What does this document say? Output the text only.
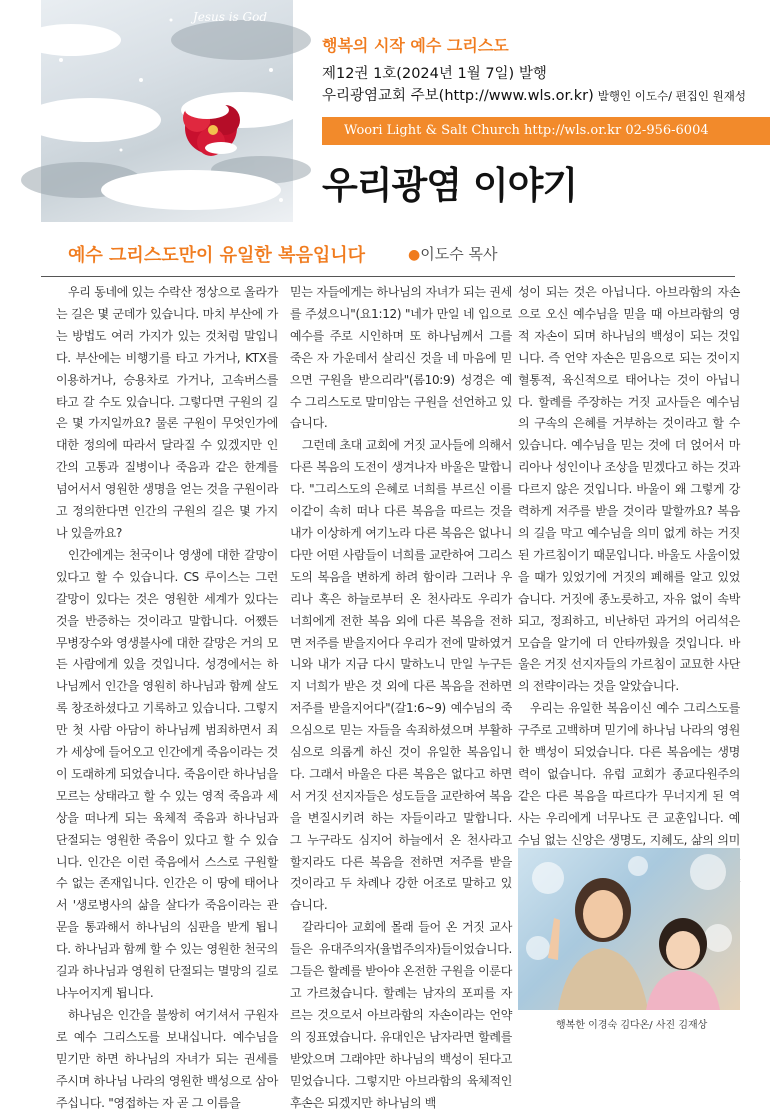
Jesus is God
행복의 시작 예수 그리스도
제12권 1호(2024년 1월 7일) 발행
우리광염교회 주보(http://www.wls.or.kr) 발행인 이도수/ 편집인 원재성
Woori Light & Salt Church http://wls.or.kr 02-956-6004
우리광염 이야기
예수 그리스도만이 유일한 복음입니다	●이도수 목사

우리 동네에 있는 수락산 정상으로 올라가는 길은 몇 군데가 있습니다. 마치 부산에 가는 방법도 여러 가지가 있는 것처럼 말입니다. 부산에는 비행기를 타고 가거나, KTX를 이용하거나, 승용차로 가거나, 고속버스를 타고 갈 수도 있습니다. 그렇다면 구원의 길은 몇 가지일까요? 물론 구원이 무엇인가에 대한 정의에 따라서 달라질 수 있겠지만 인간의 고통과 질병이나 죽음과 같은 한계를 넘어서서 영원한 생명을 얻는 것을 구원이라고 정의한다면 인간의 구원의 길은 몇 가지나 있을까요?

인간에게는 천국이나 영생에 대한 갈망이 있다고 할 수 있습니다. CS 루이스는 그런 갈망이 있다는 것은 영원한 세계가 있다는 것을 반증하는 것이라고 말합니다. 어쨌든 무병장수와 영생불사에 대한 갈망은 거의 모든 사람에게 있을 것입니다. 성경에서는 하나님께서 인간을 영원히 하나님과 함께 살도록 창조하셨다고 기록하고 있습니다. 그렇지만 첫 사람 아담이 하나님께 범죄하면서 죄가 세상에 들어오고 인간에게 죽음이라는 것이 도래하게 되었습니다. 죽음이란 하나님을 모르는 상태라고 할 수 있는 영적 죽음과 세상을 떠나게 되는 육체적 죽음과 하나님과 단절되는 영원한 죽음이 있다고 할 수 있습니다. 인간은 이런 죽음에서 스스로 구원할 수 없는 존재입니다. 인간은 이 땅에 태어나서 '생로병사의 삶을 살다가 죽음이라는 관문을 통과해서 하나님의 심판을 받게 됩니다. 하나님과 함께 할 수 있는 영원한 천국의 길과 하나님과 영원히 단절되는 멸망의 길로 나누어지게 됩니다.

하나님은 인간을 불쌍히 여기셔서 구원자로 예수 그리스도를 보내십니다. 예수님을 믿기만 하면 하나님의 자녀가 되는 권세를 주시며 하나님 나라의 영원한 백성으로 삼아주십니다. "영접하는 자 곧 그 이름을

믿는 자들에게는 하나님의 자녀가 되는 권세를 주셨으니"(요1:12) "네가 만일 네 입으로 예수를 주로 시인하며 또 하나님께서 그를 죽은 자 가운데서 살리신 것을 네 마음에 믿으면 구원을 받으리라"(롬10:9) 성경은 예수 그리스도로 말미암는 구원을 선언하고 있습니다.

그런데 초대 교회에 거짓 교사들에 의해서 다른 복음의 도전이 생겨나자 바울은 말합니다. "그리스도의 은혜로 너희를 부르신 이를 이같이 속히 떠나 다른 복음을 따르는 것을 내가 이상하게 여기노라 다른 복음은 없나니 다만 어떤 사람들이 너희를 교란하여 그리스도의 복음을 변하게 하려 함이라 그러나 우리나 혹은 하늘로부터 온 천사라도 우리가 너희에게 전한 복음 외에 다른 복음을 전하면 저주를 받을지어다 우리가 전에 말하였거니와 내가 지금 다시 말하노니 만일 누구든지 너희가 받은 것 외에 다른 복음을 전하면 저주를 받을지어다"(갈1:6~9) 예수님의 죽으심으로 믿는 자들을 속죄하셨으며 부활하심으로 의롭게 하신 것이 유일한 복음입니다. 그래서 바울은 다른 복음은 없다고 하면서 거짓 선지자들은 성도들을 교란하여 복음을 변질시키려 하는 자들이라고 말합니다. 그 누구라도 심지어 하늘에서 온 천사라고 할지라도 다른 복음을 전하면 저주를 받을 것이라고 두 차례나 강한 어조로 말하고 있습니다.

갈라디아 교회에 몰래 들어 온 거짓 교사들은 유대주의자(율법주의자)들이었습니다. 그들은 할례를 받아야 온전한 구원을 이룬다고 가르쳤습니다. 할례는 남자의 포피를 자르는 것으로서 아브라함의 자손이라는 언약의 징표였습니다. 유대인은 남자라면 할례를 받았으며 그래야만 하나님의 백성이 된다고 믿었습니다. 그렇지만 아브라함의 육체적인 후손은 되겠지만 하나님의 백

성이 되는 것은 아닙니다. 아브라함의 자손으로 오신 예수님을 믿을 때 아브라함의 영적 자손이 되며 하나님의 백성이 되는 것입니다. 즉 언약 자손은 믿음으로 되는 것이지 혈통적, 육신적으로 태어나는 것이 아닙니다. 할례를 주장하는 거짓 교사들은 예수님의 구속의 은혜를 거부하는 것이라고 할 수 있습니다. 예수님을 믿는 것에 더 얹어서 마리아나 성인이나 조상을 믿겠다고 하는 것과 다르지 않은 것입니다. 바울이 왜 그렇게 강력하게 저주를 받을 것이라 말할까요? 복음의 길을 막고 예수님을 의미 없게 하는 거짓된 가르침이기 때문입니다. 바울도 사울이었을 때가 있었기에 거짓의 폐해를 알고 있었습니다. 거짓에 종노릇하고, 자유 없이 속박되고, 정죄하고, 비난하던 과거의 어리석은 모습을 알기에 더 안타까웠을 것입니다. 바울은 거짓 선지자들의 가르침이 교묘한 사단의 전략이라는 것을 알았습니다.

우리는 유일한 복음이신 예수 그리스도를 구주로 고백하며 믿기에 하나님 나라의 영원한 백성이 되었습니다. 다른 복음에는 생명력이 없습니다. 유럽 교회가 종교다원주의 같은 다른 복음을 따르다가 무너지게 된 역사는 우리에게 너무나도 큰 교훈입니다. 예수님 없는 신앙은 생명도, 지혜도, 삶의 의미

행복한 이경숙 김다온/ 사진 김재상
